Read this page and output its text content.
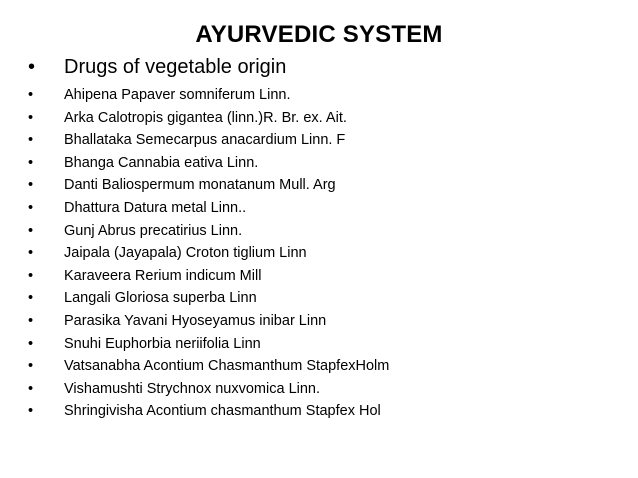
AYURVEDIC SYSTEM
• Drugs of vegetable origin
• Ahipena Papaver somniferum Linn.
• Arka Calotropis gigantea (linn.)R. Br. ex. Ait.
• Bhallataka Semecarpus anacardium Linn. F
• Bhanga Cannabia eativa Linn.
• Danti Baliospermum monatanum Mull. Arg
• Dhattura Datura metal Linn..
• Gunj Abrus precatirius Linn.
• Jaipala (Jayapala) Croton tiglium Linn
• Karaveera Rerium indicum Mill
• Langali Gloriosa superba Linn
• Parasika Yavani Hyoseyamus inibar Linn
• Snuhi Euphorbia neriifolia Linn
• Vatsanabha Acontium Chasmanthum StapfexHolm
• Vishamushti Strychnox nuxvomica Linn.
• Shringivisha Acontium chasmanthum Stapfex Hol
